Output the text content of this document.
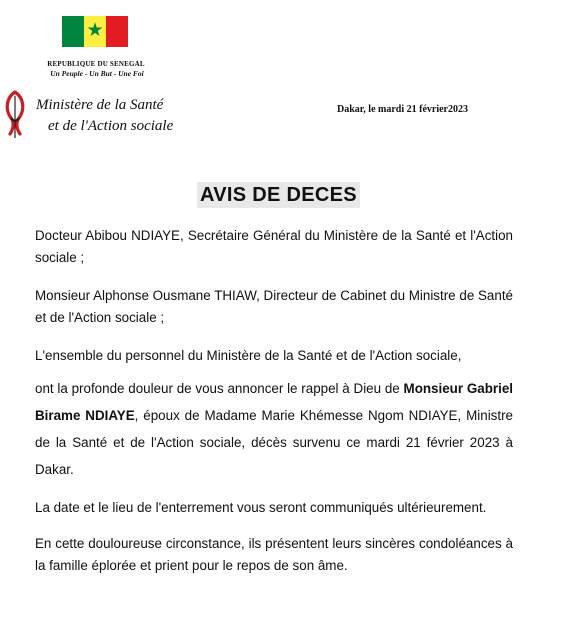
★
REPUBLIQUE DU SENEGAL
Un Peuple - Un But - Une Foi
Ministère de la Santé
et de l'Action sociale
Dakar, le mardi 21 février2023
AVIS DE DECES
Docteur Abibou NDIAYE, Secrétaire Général du Ministère de la Santé et l'Action sociale ;
Monsieur Alphonse Ousmane THIAW, Directeur de Cabinet du Ministre de Santé et de l'Action sociale ;
L'ensemble du personnel du Ministère de la Santé et de l'Action sociale,
ont la profonde douleur de vous annoncer le rappel à Dieu de Monsieur Gabriel Birame NDIAYE, époux de Madame Marie Khémesse Ngom NDIAYE, Ministre de la Santé et de l'Action sociale, décès survenu ce mardi 21 février 2023 à Dakar.
La date et le lieu de l'enterrement vous seront communiqués ultérieurement.
En cette douloureuse circonstance, ils présentent leurs sincères condoléances à la famille éplorée et prient pour le repos de son âme.
